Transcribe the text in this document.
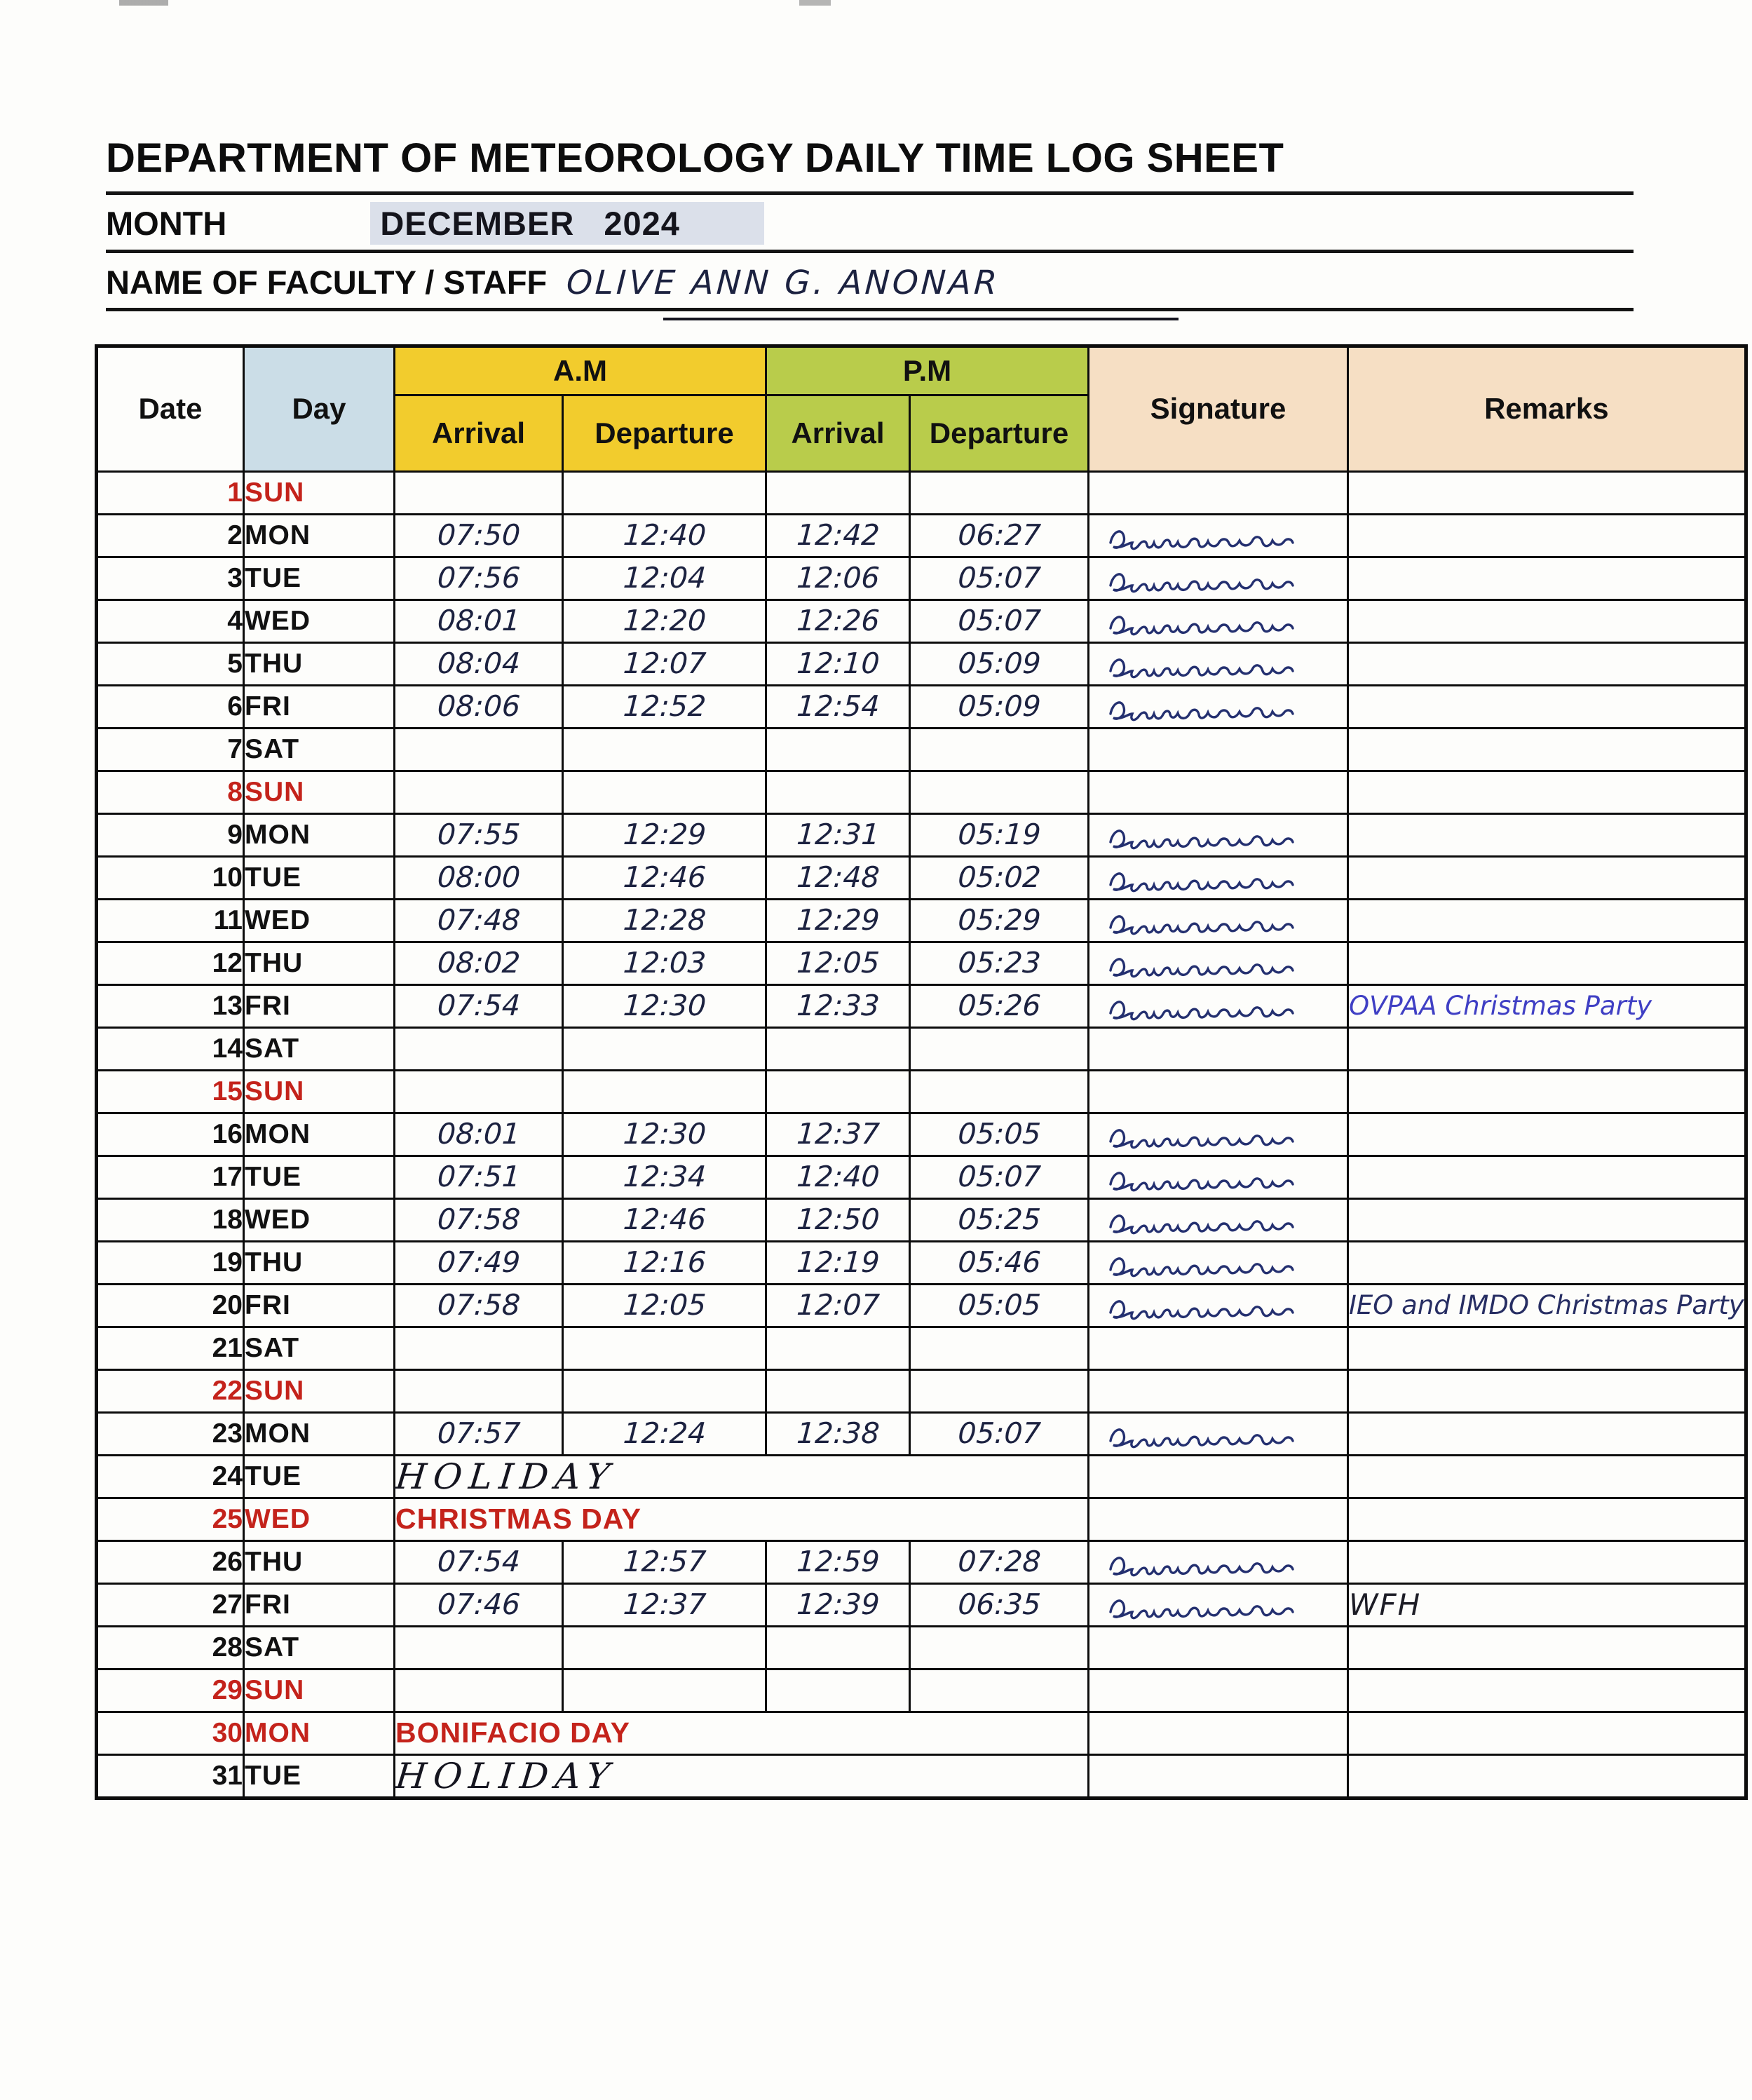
DEPARTMENT OF METEOROLOGY DAILY TIME LOG SHEET
MONTH	DECEMBER 2024
NAME OF FACULTY / STAFF OLIVE ANN G. ANONAR
Date	Day	A.M		P.M		Signature	Remarks
		Arrival	Departure	Arrival	Departure		
1	SUN						
2	MON	07:50	12:40	12:42	06:27	

3	TUE	07:56	12:04	12:06	05:07	

4	WED	08:01	12:20	12:26	05:07	

5	THU	08:04	12:07	12:10	05:09	

6	FRI	08:06	12:52	12:54	05:09	

7	SAT						
8	SUN						
9	MON	07:55	12:29	12:31	05:19	

10	TUE	08:00	12:46	12:48	05:02	

11	WED	07:48	12:28	12:29	05:29	

12	THU	08:02	12:03	12:05	05:23	

13	FRI	07:54	12:30	12:33	05:26		OVPAA Christmas Party
14	SAT						
15	SUN						
16	MON	08:01	12:30	12:37	05:05	

17	TUE	07:51	12:34	12:40	05:07	

18	WED	07:58	12:46	12:50	05:25	

19	THU	07:49	12:16	12:19	05:46	

20	FRI	07:58	12:05	12:07	05:05		IEO and IMDO Christmas Party
21	SAT						
22	SUN						
23	MON	07:57	12:24	12:38	05:07	

24	TUE	HOLIDAY					
25	WED	CHRISTMAS DAY					
26	THU	07:54	12:57	12:59	07:28	

27	FRI	07:46	12:37	12:39	06:35		WFH
28	SAT						
29	SUN						
30	MON	BONIFACIO DAY					
31	TUE	HOLIDAY					
